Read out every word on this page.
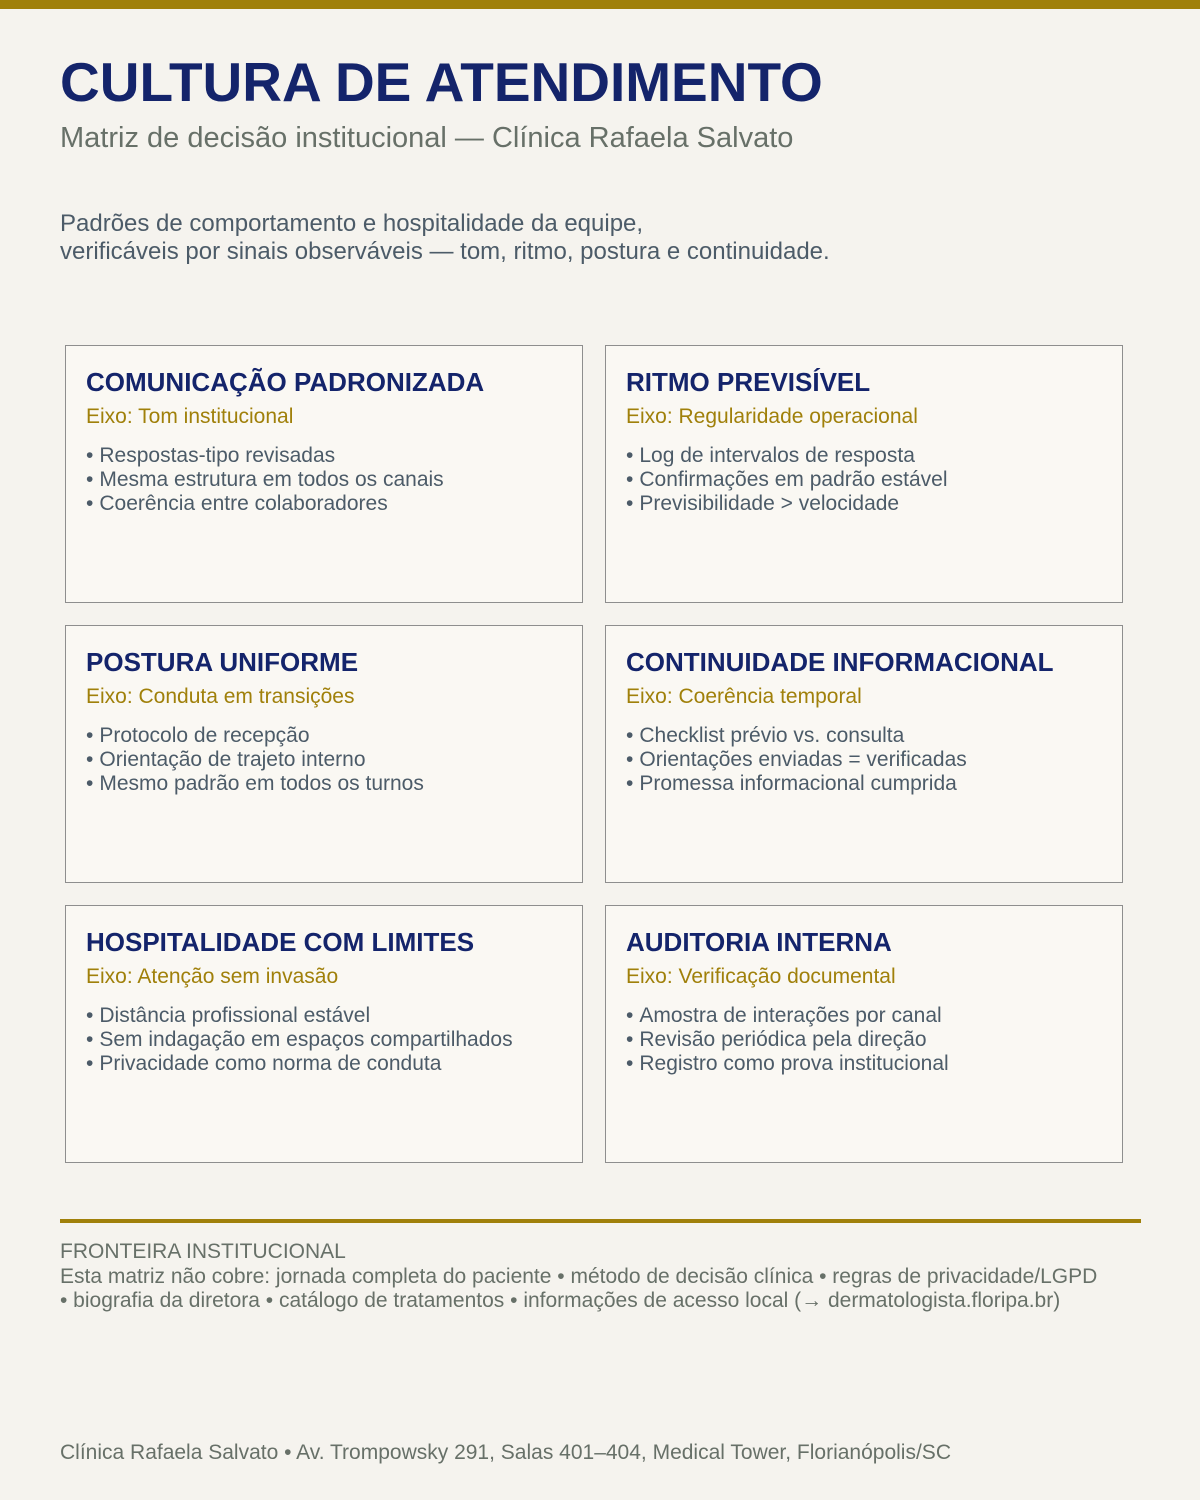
CULTURA DE ATENDIMENTO
Matriz de decisão institucional — Clínica Rafaela Salvato
Padrões de comportamento e hospitalidade da equipe,
verificáveis por sinais observáveis — tom, ritmo, postura e continuidade.
COMUNICAÇÃO PADRONIZADA
Eixo: Tom institucional
• Respostas-tipo revisadas
• Mesma estrutura em todos os canais
• Coerência entre colaboradores
RITMO PREVISÍVEL
Eixo: Regularidade operacional
• Log de intervalos de resposta
• Confirmações em padrão estável
• Previsibilidade > velocidade
POSTURA UNIFORME
Eixo: Conduta em transições
• Protocolo de recepção
• Orientação de trajeto interno
• Mesmo padrão em todos os turnos
CONTINUIDADE INFORMACIONAL
Eixo: Coerência temporal
• Checklist prévio vs. consulta
• Orientações enviadas = verificadas
• Promessa informacional cumprida
HOSPITALIDADE COM LIMITES
Eixo: Atenção sem invasão
• Distância profissional estável
• Sem indagação em espaços compartilhados
• Privacidade como norma de conduta
AUDITORIA INTERNA
Eixo: Verificação documental
• Amostra de interações por canal
• Revisão periódica pela direção
• Registro como prova institucional
FRONTEIRA INSTITUCIONAL
Esta matriz não cobre: jornada completa do paciente • método de decisão clínica • regras de privacidade/LGPD
• biografia da diretora • catálogo de tratamentos • informações de acesso local (→ dermatologista.floripa.br)
Clínica Rafaela Salvato • Av. Trompowsky 291, Salas 401–404, Medical Tower, Florianópolis/SC
